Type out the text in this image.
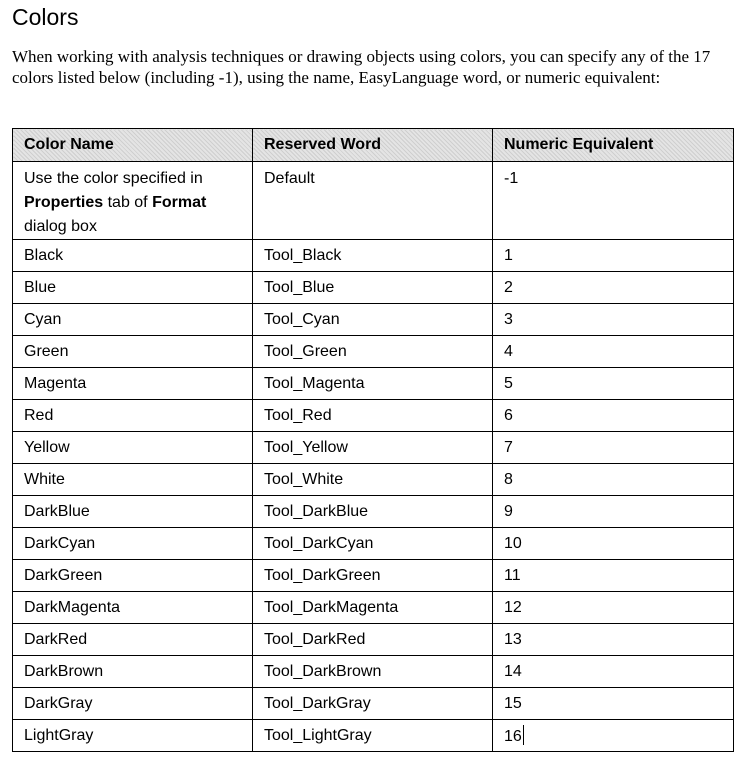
Colors
When working with analysis techniques or drawing objects using colors, you can specify any of the 17 colors listed below (including -1), using the name, EasyLanguage word, or numeric equivalent:
Color Name	Reserved Word	Numeric Equivalent
Use the color specified in
Properties tab of Format
dialog box	Default	-1
Black	Tool_Black	1
Blue	Tool_Blue	2
Cyan	Tool_Cyan	3
Green	Tool_Green	4
Magenta	Tool_Magenta	5
Red	Tool_Red	6
Yellow	Tool_Yellow	7
White	Tool_White	8
DarkBlue	Tool_DarkBlue	9
DarkCyan	Tool_DarkCyan	10
DarkGreen	Tool_DarkGreen	11
DarkMagenta	Tool_DarkMagenta	12
DarkRed	Tool_DarkRed	13
DarkBrown	Tool_DarkBrown	14
DarkGray	Tool_DarkGray	15
LightGray	Tool_LightGray	16
